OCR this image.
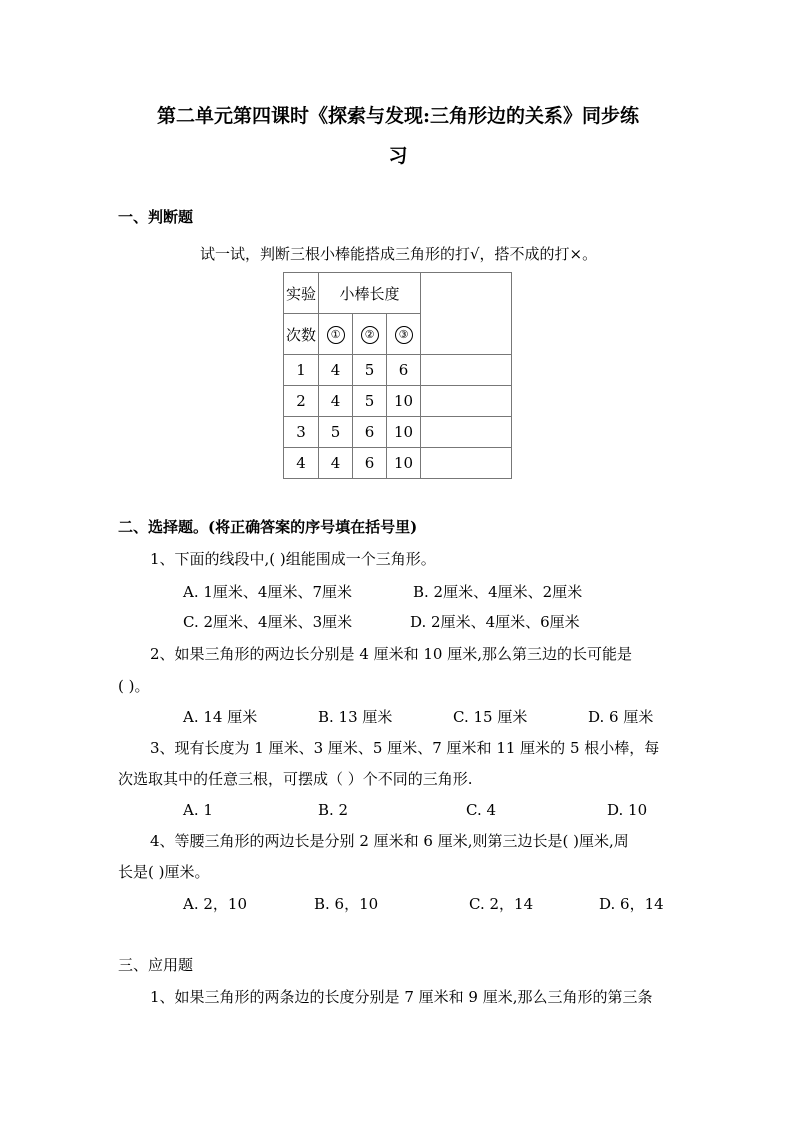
第二单元第四课时《探索与发现:三角形边的关系》同步练
习
一、判断题
试一试，判断三根小棒能搭成三角形的打√，搭不成的打×。
实验	小棒长度			
次数	①	②	③	
1	4	5	6	
2	4	5	10	
3	5	6	10	
4	4	6	10	
二、选择题。(将正确答案的序号填在括号里)
1、下面的线段中,( )组能围成一个三角形。
A. 1厘米、4厘米、7厘米	B. 2厘米、4厘米、2厘米
C. 2厘米、4厘米、3厘米	D. 2厘米、4厘米、6厘米
2、如果三角形的两边长分别是 4 厘米和 10 厘米,那么第三边的长可能是
( )。
A. 14 厘米	B. 13 厘米	C. 15 厘米	D. 6 厘米
3、现有长度为 1 厘米、3 厘米、5 厘米、7 厘米和 11 厘米的 5 根小棒，每
次选取其中的任意三根，可摆成（ ）个不同的三角形.
A. 1	B. 2	C. 4	D. 10
4、等腰三角形的两边长是分别 2 厘米和 6 厘米,则第三边长是( )厘米,周
长是( )厘米。
A. 2，10	B. 6，10	C. 2，14	D. 6，14
三、应用题
1、如果三角形的两条边的长度分别是 7 厘米和 9 厘米,那么三角形的第三条
